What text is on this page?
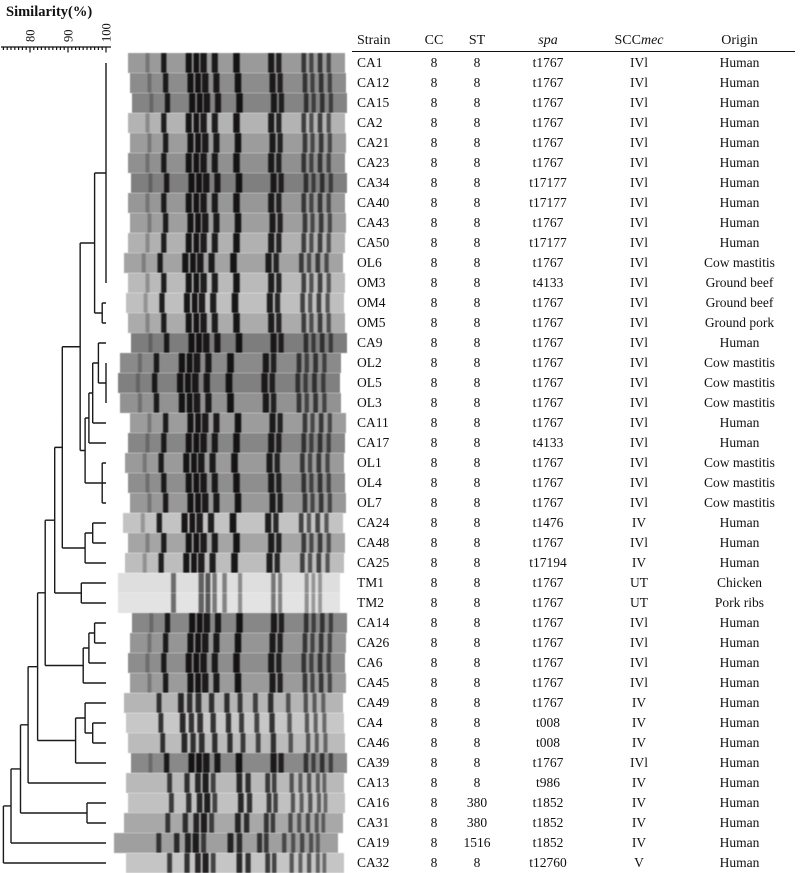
Similarity(%)
80 90 100	Strain	CC	ST	spa	SCCmec	Origin
CA1	8	8	t1767	IVl	Human
CA12	8	8	t1767	IVl	Human
CA15	8	8	t1767	IVl	Human
CA2	8	8	t1767	IVl	Human
CA21	8	8	t1767	IVl	Human
CA23	8	8	t1767	IVl	Human
CA34	8	8	t17177	IVl	Human
CA40	8	8	t17177	IVl	Human
CA43	8	8	t1767	IVl	Human
CA50	8	8	t17177	IVl	Human
OL6	8	8	t1767	IVl	Cow mastitis
OM3	8	8	t4133	IVl	Ground beef
OM4	8	8	t1767	IVl	Ground beef
OM5	8	8	t1767	IVl	Ground pork
CA9	8	8	t1767	IVl	Human
OL2	8	8	t1767	IVl	Cow mastitis
OL5	8	8	t1767	IVl	Cow mastitis
OL3	8	8	t1767	IVl	Cow mastitis
CA11	8	8	t1767	IVl	Human
CA17	8	8	t4133	IVl	Human
OL1	8	8	t1767	IVl	Cow mastitis
OL4	8	8	t1767	IVl	Cow mastitis
OL7	8	8	t1767	IVl	Cow mastitis
CA24	8	8	t1476	IV	Human
CA48	8	8	t1767	IVl	Human
CA25	8	8	t17194	IV	Human
TM1	8	8	t1767	UT	Chicken
TM2	8	8	t1767	UT	Pork ribs
CA14	8	8	t1767	IVl	Human
CA26	8	8	t1767	IVl	Human
CA6	8	8	t1767	IVl	Human
CA45	8	8	t1767	IVl	Human
CA49	8	8	t1767	IV	Human
CA4	8	8	t008	IV	Human
CA46	8	8	t008	IV	Human
CA39	8	8	t1767	IVl	Human
CA13	8	8	t986	IV	Human
CA16	8	380	t1852	IV	Human
CA31	8	380	t1852	IV	Human
CA19	8	1516	t1852	IV	Human
CA32	8	8	t12760	V	Human
